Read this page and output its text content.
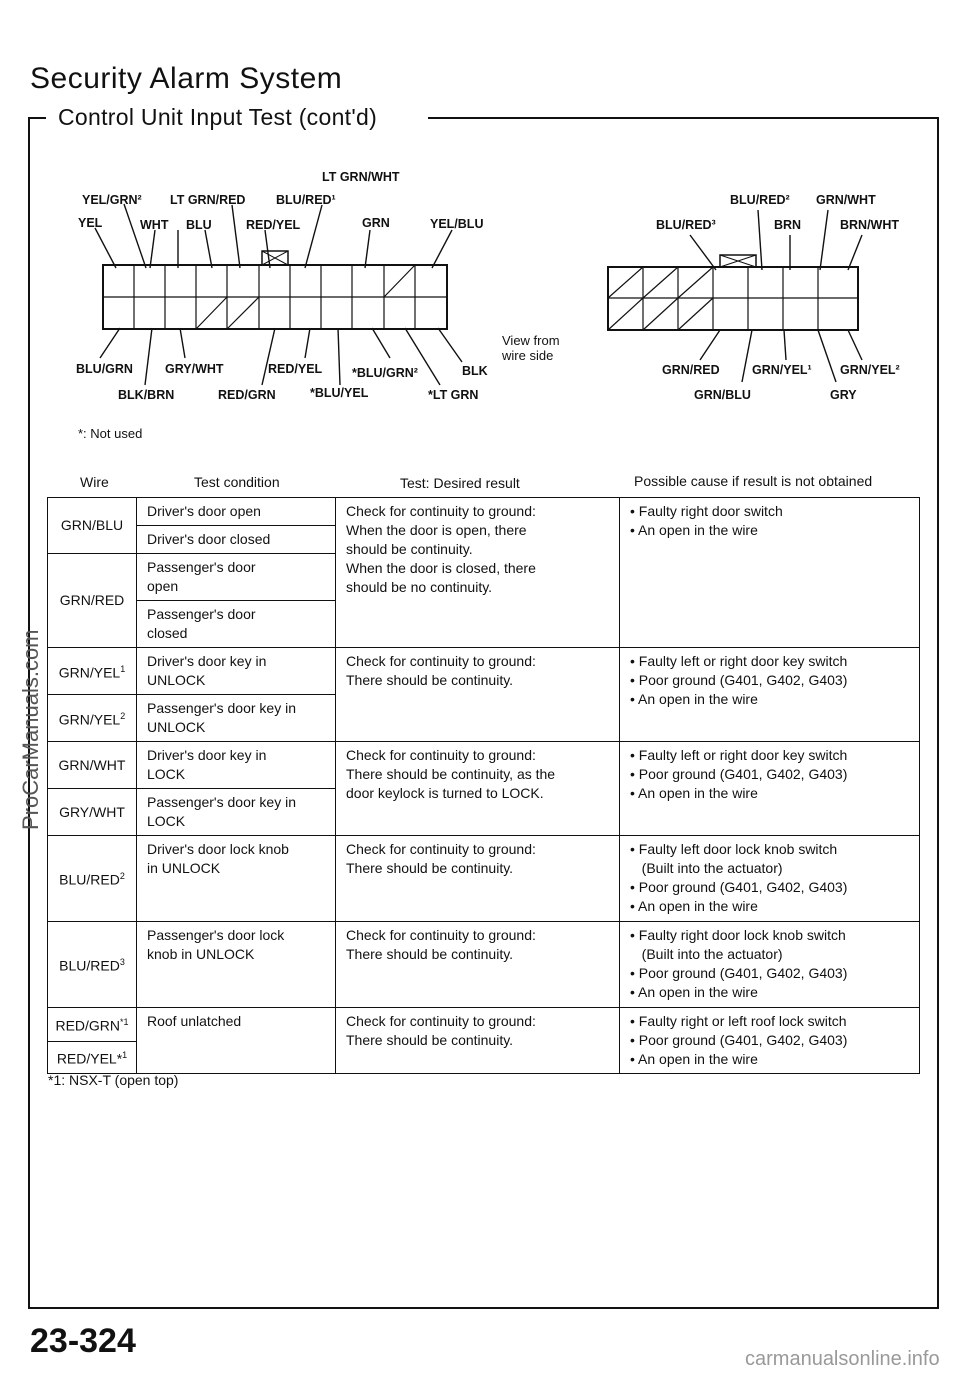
Security Alarm System
Control Unit Input Test (cont'd)
YEL/GRN²
YEL	WHT
LT GRN/RED
BLU	RED/YEL
BLU/RED¹
LT GRN/WHT
GRN	YEL/BLU
BLU/GRN
BLK/BRN
GRY/WHT
RED/GRN
RED/YEL
*BLU/YEL
*BLU/GRN²
*LT GRN
BLK
View from
wire side
BLU/RED²
BLU/RED³	BRN
GRN/WHT
BRN/WHT
GRN/RED
GRN/BLU
GRN/YEL¹ GRN/YEL²
GRY
*: Not used
Wire	Test condition	Test: Desired result	Possible cause if result is not obtained
GRN/BLU	Driver's door open	Check for continuity to ground:
When the door is open, there
should be continuity.
When the door is closed, there
should be no continuity.	• Faulty right door switch
• An open in the wire
	Driver's door closed		
GRN/RED	Passenger's door
open		
	Passenger's door
closed		
GRN/YEL$^1$	Driver's door key in
UNLOCK	Check for continuity to ground:
There should be continuity.	• Faulty left or right door key switch
• Poor ground (G401, G402, G403)
• An open in the wire
GRN/YEL$^2$	Passenger's door key in
UNLOCK		
GRN/WHT	Driver's door key in
LOCK	Check for continuity to ground:
There should be continuity, as the
door keylock is turned to LOCK.	• Faulty left or right door key switch
• Poor ground (G401, G402, G403)
• An open in the wire
GRY/WHT	Passenger's door key in
LOCK		
BLU/RED$^2$	Driver's door lock knob
in UNLOCK	Check for continuity to ground:
There should be continuity.	• Faulty left door lock knob switch
(Built into the actuator)
• Poor ground (G401, G402, G403)
• An open in the wire
BLU/RED$^3$	Passenger's door lock
knob in UNLOCK	Check for continuity to ground:
There should be continuity.	• Faulty right door lock knob switch
(Built into the actuator)
• Poor ground (G401, G402, G403)
• An open in the wire
RED/GRN$^{*1}$	Roof unlatched	Check for continuity to ground:
There should be continuity.	• Faulty right or left roof lock switch
• Poor ground (G401, G402, G403)
• An open in the wire
RED/YEL*$^1$
*1: NSX-T (open top)
23-324
ProCarManuals.com
carmanualsonline.info
